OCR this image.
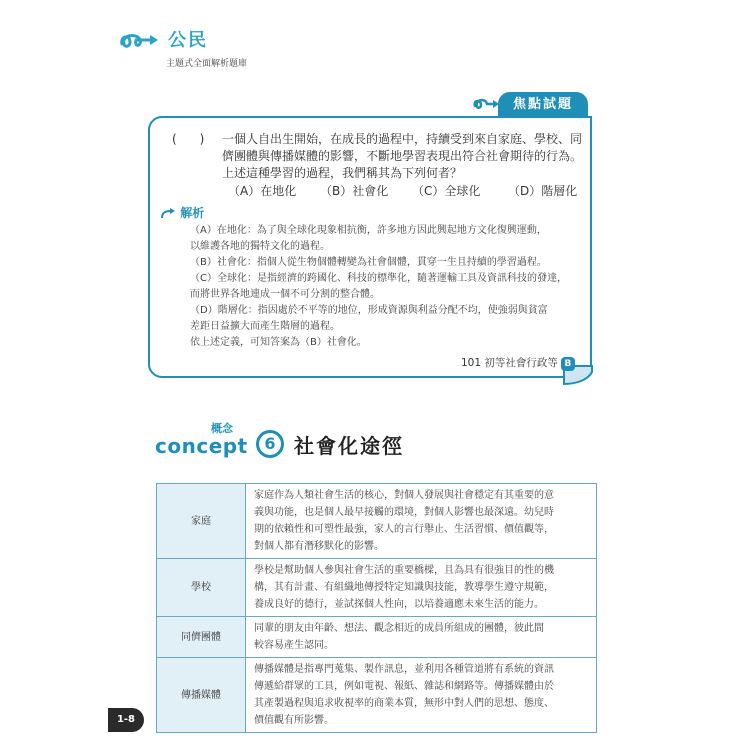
公民
主題式全面解析題庫
焦點試題
(      ) 一個人自出生開始，在成長的過程中，持續受到來自家庭、學校、同
儕團體與傳播媒體的影響，不斷地學習表現出符合社會期待的行為。
上述這種學習的過程，我們稱其為下列何者？
（A）在地化 （B）社會化 （C）全球化 （D）階層化
解析
（A）在地化：為了與全球化現象相抗衡，許多地方因此興起地方文化復興運動，
以維護各地的獨特文化的過程。
（B）社會化：指個人從生物個體轉變為社會個體，貫穿一生且持續的學習過程。
（C）全球化：是指經濟的跨國化、科技的標準化，隨著運輸工具及資訊科技的發達，
而將世界各地連成一個不可分割的整合體。
（D）階層化：指因處於不平等的地位，形成資源與利益分配不均，使強弱與貧富
差距日益擴大而產生階層的過程。
依上述定義，可知答案為（B）社會化。
101 初等社會行政等 B
概念
concept	6 社會化途徑
家庭	家庭作為人類社會生活的核心，對個人發展與社會穩定有其重要的意
義與功能，也是個人最早接觸的環境，對個人影響也最深遠。幼兒時
期的依賴性和可塑性最強，家人的言行舉止、生活習慣、價值觀等，
對個人都有潛移默化的影響。

學校	學校是幫助個人參與社會生活的重要橋樑，且為具有很強目的性的機
構，其有計畫、有組織地傳授特定知識與技能，教導學生遵守規範，
養成良好的德行，並試探個人性向，以培養適應未來生活的能力。

同儕團體	同輩的朋友由年齡、想法、觀念相近的成員所組成的團體，彼此間
較容易產生認同。

傳播媒體	傳播媒體是指專門蒐集、製作訊息，並利用各種管道將有系統的資訊
傳遞給群眾的工具，例如電視、報紙、雜誌和網路等。傳播媒體由於
其產製過程與追求收視率的商業本質，無形中對人們的思想、態度、
價值觀有所影響。
1-8
